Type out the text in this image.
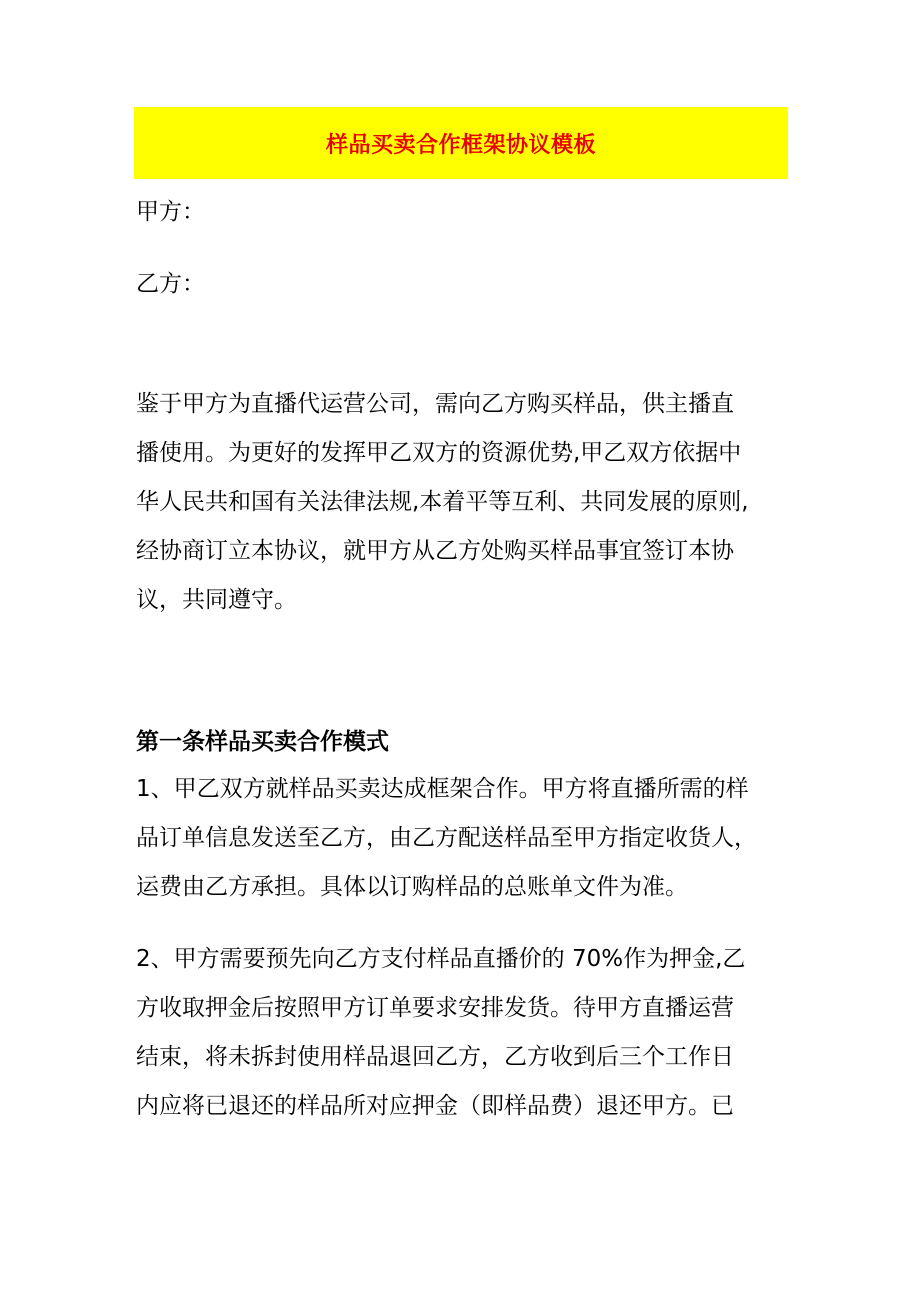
样品买卖合作框架协议模板
甲方：
乙方：
鉴于甲方为直播代运营公司，需向乙方购买样品，供主播直
播使用。为更好的发挥甲乙双方的资源优势,甲乙双方依据中
华人民共和国有关法律法规,本着平等互利、共同发展的原则,
经协商订立本协议，就甲方从乙方处购买样品事宜签订本协
议，共同遵守。
第一条样品买卖合作模式
1、甲乙双方就样品买卖达成框架合作。甲方将直播所需的样
品订单信息发送至乙方，由乙方配送样品至甲方指定收货人，
运费由乙方承担。具体以订购样品的总账单文件为准。
2、甲方需要预先向乙方支付样品直播价的 70%作为押金,乙
方收取押金后按照甲方订单要求安排发货。待甲方直播运营
结束，将未拆封使用样品退回乙方，乙方收到后三个工作日
内应将已退还的样品所对应押金（即样品费）退还甲方。已
